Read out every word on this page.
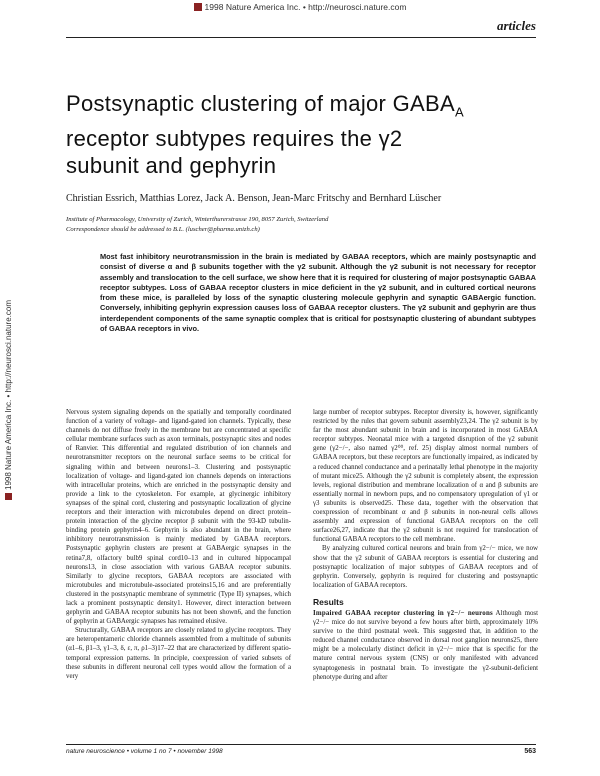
1998 Nature America Inc. • http://neurosci.nature.com
articles
1998 Nature America Inc. • http://neurosci.nature.com
Postsynaptic clustering of major $GABA_A$ receptor subtypes requires the γ2 subunit and gephyrin

Christian Essrich, Matthias Lorez, Jack A. Benson, Jean-Marc Fritschy and Bernhard Lüscher

Institute of Pharmacology, University of Zurich, Winterthurerstrasse 190, 8057 Zurich, Switzerland
Correspondence should be addressed to B.L. (luscher@pharma.unizh.ch)

Most fast inhibitory neurotransmission in the brain is mediated by GABAA receptors, which are mainly postsynaptic and consist of diverse α and β subunits together with the γ2 subunit. Although the γ2 subunit is not necessary for receptor assembly and translocation to the cell surface, we show here that it is required for clustering of major postsynaptic GABAA receptor subtypes. Loss of GABAA receptor clusters in mice deficient in the γ2 subunit, and in cultured cortical neurons from these mice, is paralleled by loss of the synaptic clustering molecule gephyrin and synaptic GABAergic function. Conversely, inhibiting gephyrin expression causes loss of GABAA receptor clusters. The γ2 subunit and gephyrin are thus interdependent components of the same synaptic complex that is critical for postsynaptic clustering of abundant subtypes of GABAA receptors in vivo.

Nervous system signaling depends on the spatially and temporally coordinated function of a variety of voltage- and ligand-gated ion channels. Typically, these channels do not diffuse freely in the membrane but are concentrated at specific cellular membrane surfaces such as axon terminals, postsynaptic sites and nodes of Ranvier. This differential and regulated distribution of ion channels and neurotransmitter receptors on the neuronal surface seems to be critical for signaling within and between neurons1–3. Clustering and postsynaptic localization of voltage- and ligand-gated ion channels depends on interactions with intracellular proteins, which are enriched in the postsynaptic density and provide a link to the cytoskeleton. For example, at glycinergic inhibitory synapses of the spinal cord, clustering and postsynaptic localization of glycine receptors and their interaction with microtubules depend on direct protein–protein interaction of the glycine receptor β subunit with the 93-kD tubulin-binding protein gephyrin4–6. Gephyrin is also abundant in the brain, where inhibitory neurotransmission is mainly mediated by GABAA receptors. Postsynaptic gephyrin clusters are present at GABAergic synapses in the retina7,8, olfactory bulb9 spinal cord10–13 and in cultured hippocampal neurons13, in close association with various GABAA receptor subunits. Similarly to glycine receptors, GABAA receptors are associated with microtubules and microtubule-associated proteins15,16 and are preferentially clustered in the postsynaptic membrane of symmetric (Type II) synapses, which lack a prominent postsynaptic density1. However, direct interaction between gephyrin and GABAA receptor subunits has not been shown6, and the function of gephyrin at GABAergic synapses has remained elusive.

Structurally, GABAA receptors are closely related to glycine receptors. They are heteropentameric chloride channels assembled from a multitude of subunits (α1–6, β1–3, γ1–3, δ, ε, π, ρ1–3)17–22 that are characterized by different spatio-temporal expression patterns. In principle, coexpression of varied subsets of these subunits in different neuronal cell types would allow the formation of a very

large number of receptor subtypes. Receptor diversity is, however, significantly restricted by the rules that govern subunit assembly23,24. The γ2 subunit is by far the most abundant subunit in brain and is incorporated in most GABAA receptor subtypes. Neonatal mice with a targeted disruption of the γ2 subunit gene (γ2−/−, also named γ2⁰⁰, ref. 25) display almost normal numbers of GABAA receptors, but these receptors are functionally impaired, as indicated by a reduced channel conductance and a perinatally lethal phenotype in the majority of mutant mice25. Although the γ2 subunit is completely absent, the expression levels, regional distribution and membrane localization of α and β subunits are essentially normal in newborn pups, and no compensatory upregulation of γ1 or γ3 subunits is observed25. These data, together with the observation that coexpression of recombinant α and β subunits in non-neural cells allows assembly and expression of functional GABAA receptors on the cell surface26,27, indicate that the γ2 subunit is not required for translocation of functional GABAA receptors to the cell membrane.

By analyzing cultured cortical neurons and brain from γ2−/− mice, we now show that the γ2 subunit of GABAA receptors is essential for clustering and postsynaptic localization of major subtypes of GABAA receptors and of gephyrin. Conversely, gephyrin is required for clustering and postsynaptic localization of GABAA receptors.

Results

Impaired GABAA receptor clustering in γ2−/− neurons Although most γ2−/− mice do not survive beyond a few hours after birth, approximately 10% survive to the third postnatal week. This suggested that, in addition to the reduced channel conductance observed in dorsal root ganglion neurons25, there might be a molecularly distinct deficit in γ2−/− mice that is specific for the mature central nervous system (CNS) or only manifested with advanced synaptogenesis in postnatal brain. To investigate the γ2-subunit-deficient phenotype during and after

nature neuroscience • volume 1 no 7 • november 1998	563
